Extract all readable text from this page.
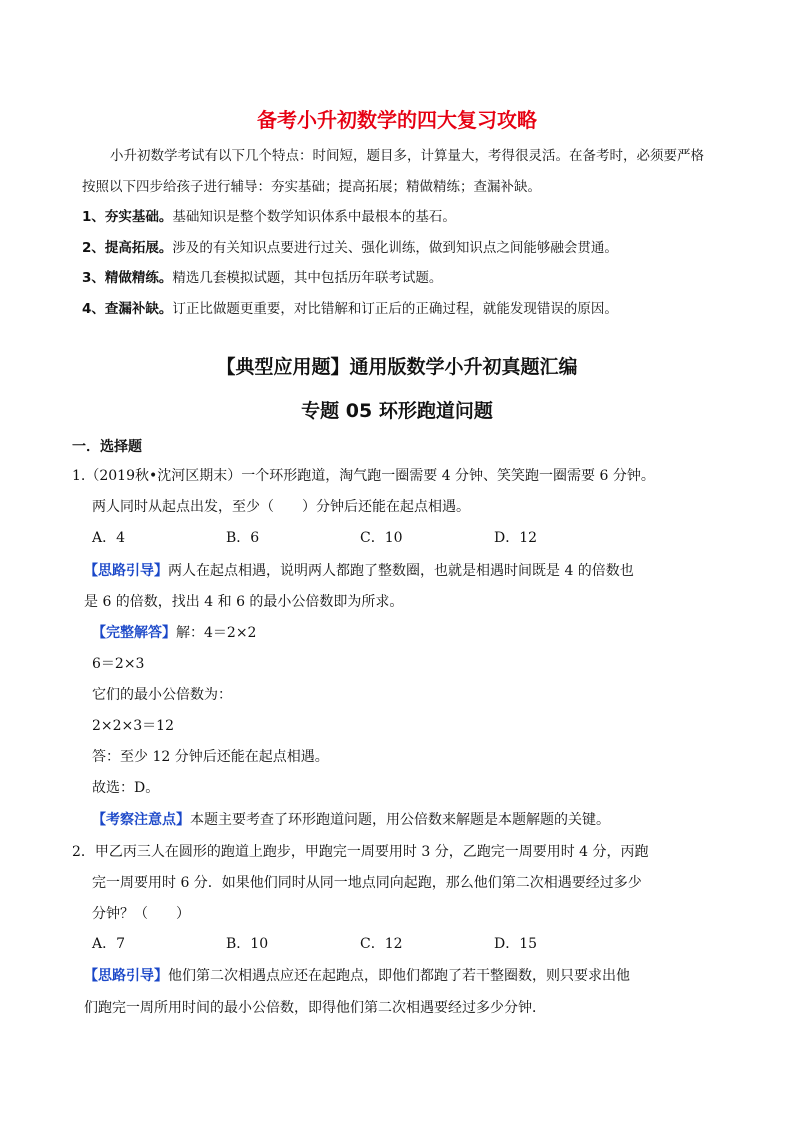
备考小升初数学的四大复习攻略
小升初数学考试有以下几个特点：时间短，题目多，计算量大，考得很灵活。在备考时，必须要严格
按照以下四步给孩子进行辅导：夯实基础；提高拓展；精做精练；查漏补缺。
1、夯实基础。基础知识是整个数学知识体系中最根本的基石。
2、提高拓展。涉及的有关知识点要进行过关、强化训练，做到知识点之间能够融会贯通。
3、精做精练。精选几套模拟试题，其中包括历年联考试题。
4、查漏补缺。订正比做题更重要，对比错解和订正后的正确过程，就能发现错误的原因。
【典型应用题】通用版数学小升初真题汇编
专题 05 环形跑道问题
一．选择题
1.（2019秋•沈河区期末）一个环形跑道，淘气跑一圈需要 4 分钟、笑笑跑一圈需要 6 分钟。
两人同时从起点出发，至少（　　）分钟后还能在起点相遇。
A．4	B．6	C．10	D．12
【思路引导】两人在起点相遇，说明两人都跑了整数圈，也就是相遇时间既是 4 的倍数也
是 6 的倍数，找出 4 和 6 的最小公倍数即为所求。
【完整解答】解：4＝2×2
6＝2×3
它们的最小公倍数为：
2×2×3＝12
答：至少 12 分钟后还能在起点相遇。
故选：D。
【考察注意点】本题主要考查了环形跑道问题，用公倍数来解题是本题解题的关键。
2．甲乙丙三人在圆形的跑道上跑步，甲跑完一周要用时 3 分，乙跑完一周要用时 4 分，丙跑
完一周要用时 6 分．如果他们同时从同一地点同向起跑，那么他们第二次相遇要经过多少
分钟？（　　）
A．7	B．10	C．12	D．15
【思路引导】他们第二次相遇点应还在起跑点，即他们都跑了若干整圈数，则只要求出他
们跑完一周所用时间的最小公倍数，即得他们第二次相遇要经过多少分钟．
